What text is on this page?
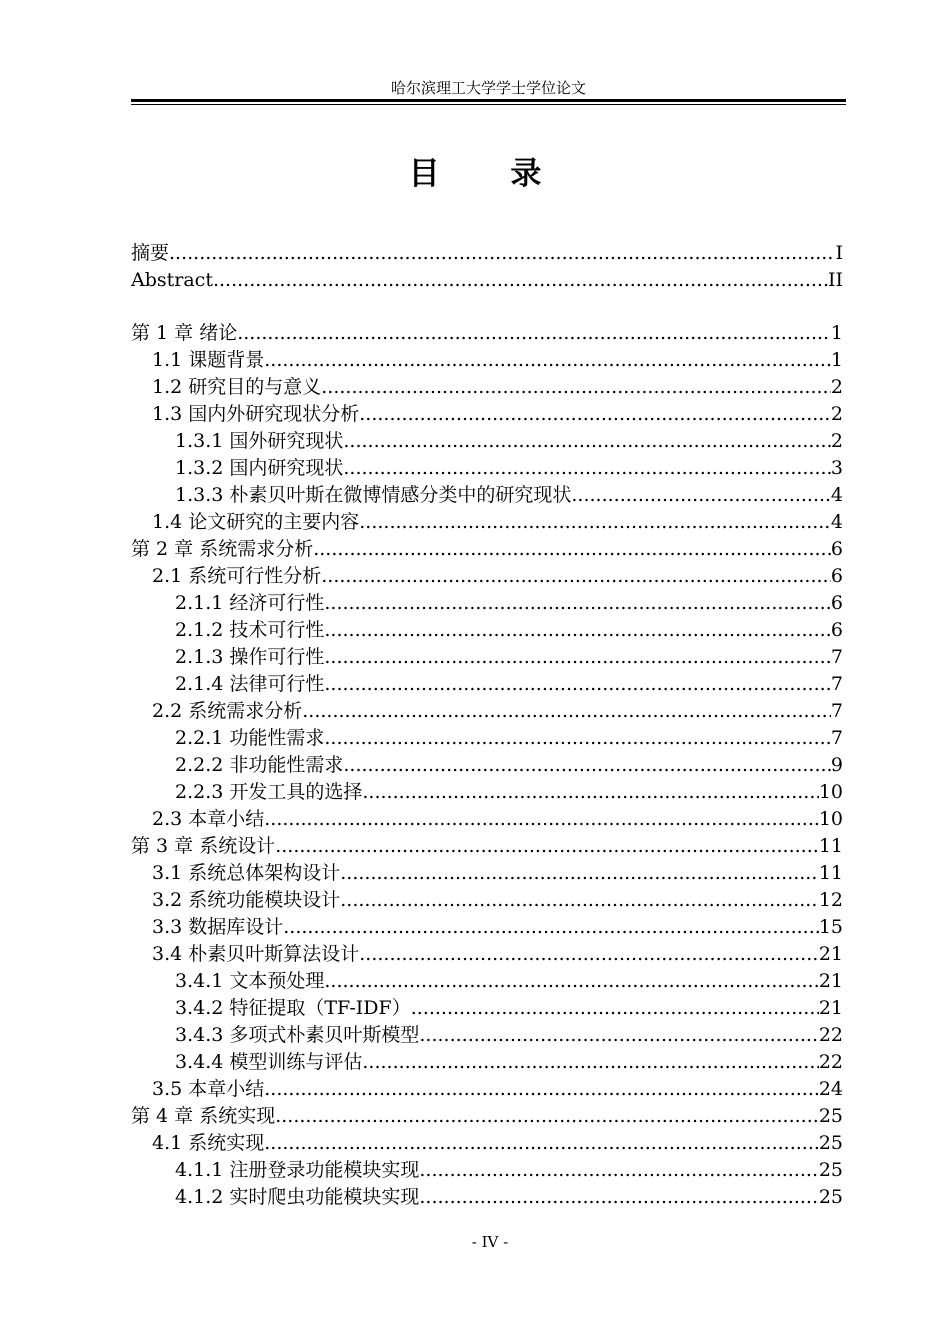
哈尔滨理工大学学士学位论文
目 录
摘要 .....	I
Abstract .....	II
第 1 章 绪论 .....	1
1.1 课题背景 .....	1
1.2 研究目的与意义 .....	2
1.3 国内外研究现状分析 .....	2
1.3.1 国外研究现状 .....	2
1.3.2 国内研究现状 .....	3
1.3.3 朴素贝叶斯在微博情感分类中的研究现状 .....	4
1.4 论文研究的主要内容 .....	4
第 2 章 系统需求分析 .....	6
2.1 系统可行性分析 .....	6
2.1.1 经济可行性 .....	6
2.1.2 技术可行性 .....	6
2.1.3 操作可行性 .....	7
2.1.4 法律可行性 .....	7
2.2 系统需求分析 .....	7
2.2.1 功能性需求 .....	7
2.2.2 非功能性需求 .....	9
2.2.3 开发工具的选择 .....	10
2.3 本章小结 .....	10
第 3 章 系统设计 .....	11
3.1 系统总体架构设计 .....	11
3.2 系统功能模块设计 .....	12
3.3 数据库设计 .....	15
3.4 朴素贝叶斯算法设计 .....	21
3.4.1 文本预处理 .....	21
3.4.2 特征提取（TF-IDF） .....	21
3.4.3 多项式朴素贝叶斯模型 .....	22
3.4.4 模型训练与评估 .....	22
3.5 本章小结 .....	24
第 4 章 系统实现 .....	25
4.1 系统实现 .....	25
4.1.1 注册登录功能模块实现 .....	25
4.1.2 实时爬虫功能模块实现 .....	25
- IV -
